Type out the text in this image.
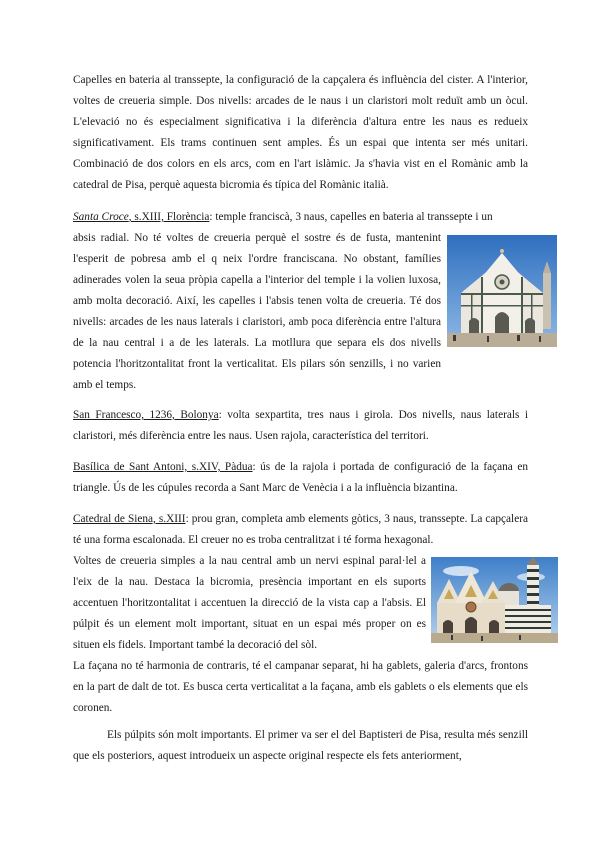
Capelles en bateria al transsepte, la configuració de la capçalera és influència del cister. A l'interior, voltes de creueria simple. Dos nivells: arcades de le naus i un claristori molt reduït amb un òcul. L'elevació no és especialment significativa i la diferència d'altura entre les naus es redueix significativament. Els trams continuen sent amples. És un espai que intenta ser més unitari. Combinació de dos colors en els arcs, com en l'art islàmic. Ja s'havia vist en el Romànic amb la catedral de Pisa, perquè aquesta bicromia és típica del Romànic italià.

Santa Croce, s.XIII, Florència: temple franciscà, 3 naus, capelles en bateria al transsepte i un

absis radial. No té voltes de creueria perquè el sostre és de fusta, mantenint l'esperit de pobresa amb el q neix l'ordre franciscana. No obstant, famílies adinerades volen la seua pròpia capella a l'interior del temple i la volien luxosa, amb molta decoració. Així, les capelles i l'absis tenen volta de creueria. Té dos nivells: arcades de les naus laterals i claristori, amb poca diferència entre l'altura de la nau central i a de les laterals. La motllura que separa els dos nivells potencia l'horitzontalitat front la verticalitat. Els pilars són senzills, i no varien amb el temps.

San Francesco, 1236, Bolonya: volta sexpartita, tres naus i girola. Dos nivells, naus laterals i claristori, més diferència entre les naus. Usen rajola, característica del territori.

Basílica de Sant Antoni, s.XIV, Pàdua: ús de la rajola i portada de configuració de la façana en triangle. Ús de les cúpules recorda a Sant Marc de Venècia i a la influència bizantina.

Catedral de Siena, s.XIII: prou gran, completa amb elements gòtics, 3 naus, transsepte. La capçalera té una forma escalonada. El creuer no es troba centralitzat i té forma hexagonal.

Voltes de creueria simples a la nau central amb un nervi espinal paral·lel a l'eix de la nau. Destaca la bicromia, presència important en els suports accentuen l'horitzontalitat i accentuen la direcció de la vista cap a l'absis. El púlpit és un element molt important, situat en un espai més proper on es situen els fidels. Important també la decoració del sòl.

La façana no té harmonia de contraris, té el campanar separat, hi ha gablets, galeria d'arcs, frontons en la part de dalt de tot. Es busca certa verticalitat a la façana, amb els gablets o els elements que els coronen.

Els púlpits són molt importants. El primer va ser el del Baptisteri de Pisa, resulta més senzill que els posteriors, aquest introdueix un aspecte original respecte els fets anteriorment,
